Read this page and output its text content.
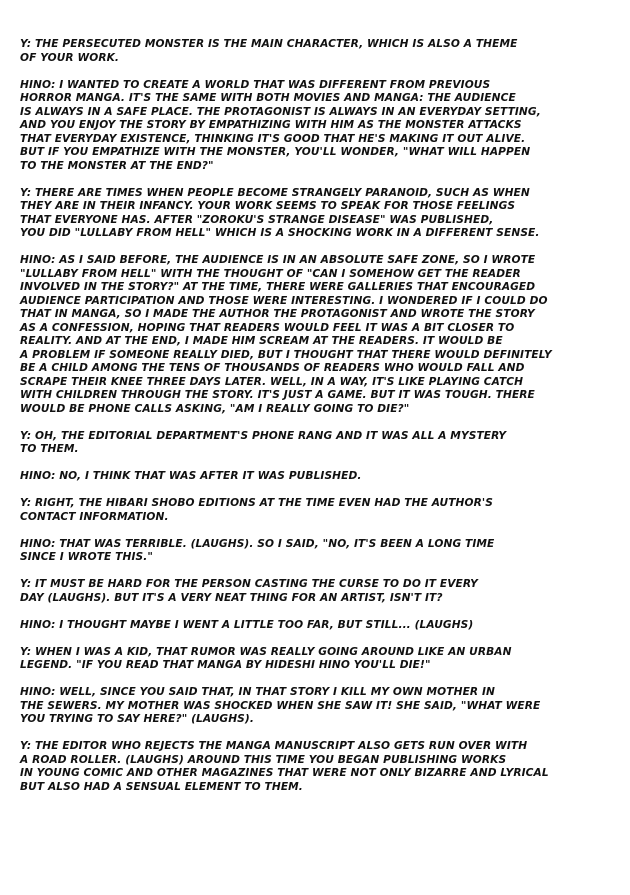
Y: THE PERSECUTED MONSTER IS THE MAIN CHARACTER, WHICH IS ALSO A THEME
OF YOUR WORK.

HINO: I WANTED TO CREATE A WORLD THAT WAS DIFFERENT FROM PREVIOUS
HORROR MANGA. IT'S THE SAME WITH BOTH MOVIES AND MANGA: THE AUDIENCE
IS ALWAYS IN A SAFE PLACE. THE PROTAGONIST IS ALWAYS IN AN EVERYDAY SETTING,
AND YOU ENJOY THE STORY BY EMPATHIZING WITH HIM AS THE MONSTER ATTACKS
THAT EVERYDAY EXISTENCE, THINKING IT'S GOOD THAT HE'S MAKING IT OUT ALIVE.
BUT IF YOU EMPATHIZE WITH THE MONSTER, YOU'LL WONDER, "WHAT WILL HAPPEN
TO THE MONSTER AT THE END?"

Y: THERE ARE TIMES WHEN PEOPLE BECOME STRANGELY PARANOID, SUCH AS WHEN
THEY ARE IN THEIR INFANCY. YOUR WORK SEEMS TO SPEAK FOR THOSE FEELINGS
THAT EVERYONE HAS. AFTER "ZOROKU'S STRANGE DISEASE" WAS PUBLISHED,
YOU DID "LULLABY FROM HELL" WHICH IS A SHOCKING WORK IN A DIFFERENT SENSE.

HINO: AS I SAID BEFORE, THE AUDIENCE IS IN AN ABSOLUTE SAFE ZONE, SO I WROTE
"LULLABY FROM HELL" WITH THE THOUGHT OF "CAN I SOMEHOW GET THE READER
INVOLVED IN THE STORY?" AT THE TIME, THERE WERE GALLERIES THAT ENCOURAGED
AUDIENCE PARTICIPATION AND THOSE WERE INTERESTING. I WONDERED IF I COULD DO
THAT IN MANGA, SO I MADE THE AUTHOR THE PROTAGONIST AND WROTE THE STORY
AS A CONFESSION, HOPING THAT READERS WOULD FEEL IT WAS A BIT CLOSER TO
REALITY. AND AT THE END, I MADE HIM SCREAM AT THE READERS. IT WOULD BE
A PROBLEM IF SOMEONE REALLY DIED, BUT I THOUGHT THAT THERE WOULD DEFINITELY
BE A CHILD AMONG THE TENS OF THOUSANDS OF READERS WHO WOULD FALL AND
SCRAPE THEIR KNEE THREE DAYS LATER. WELL, IN A WAY, IT'S LIKE PLAYING CATCH
WITH CHILDREN THROUGH THE STORY. IT'S JUST A GAME. BUT IT WAS TOUGH. THERE
WOULD BE PHONE CALLS ASKING, "AM I REALLY GOING TO DIE?"

Y: OH, THE EDITORIAL DEPARTMENT'S PHONE RANG AND IT WAS ALL A MYSTERY
TO THEM.

HINO: NO, I THINK THAT WAS AFTER IT WAS PUBLISHED.

Y: RIGHT, THE HIBARI SHOBO EDITIONS AT THE TIME EVEN HAD THE AUTHOR'S
CONTACT INFORMATION.

HINO: THAT WAS TERRIBLE. (LAUGHS). SO I SAID, "NO, IT'S BEEN A LONG TIME
SINCE I WROTE THIS."

Y: IT MUST BE HARD FOR THE PERSON CASTING THE CURSE TO DO IT EVERY
DAY (LAUGHS). BUT IT'S A VERY NEAT THING FOR AN ARTIST, ISN'T IT?

HINO: I THOUGHT MAYBE I WENT A LITTLE TOO FAR, BUT STILL... (LAUGHS)

Y: WHEN I WAS A KID, THAT RUMOR WAS REALLY GOING AROUND LIKE AN URBAN
LEGEND. "IF YOU READ THAT MANGA BY HIDESHI HINO YOU'LL DIE!"

HINO: WELL, SINCE YOU SAID THAT, IN THAT STORY I KILL MY OWN MOTHER IN
THE SEWERS. MY MOTHER WAS SHOCKED WHEN SHE SAW IT! SHE SAID, "WHAT WERE
YOU TRYING TO SAY HERE?" (LAUGHS).

Y: THE EDITOR WHO REJECTS THE MANGA MANUSCRIPT ALSO GETS RUN OVER WITH
A ROAD ROLLER. (LAUGHS) AROUND THIS TIME YOU BEGAN PUBLISHING WORKS
IN YOUNG COMIC AND OTHER MAGAZINES THAT WERE NOT ONLY BIZARRE AND LYRICAL
BUT ALSO HAD A SENSUAL ELEMENT TO THEM.
